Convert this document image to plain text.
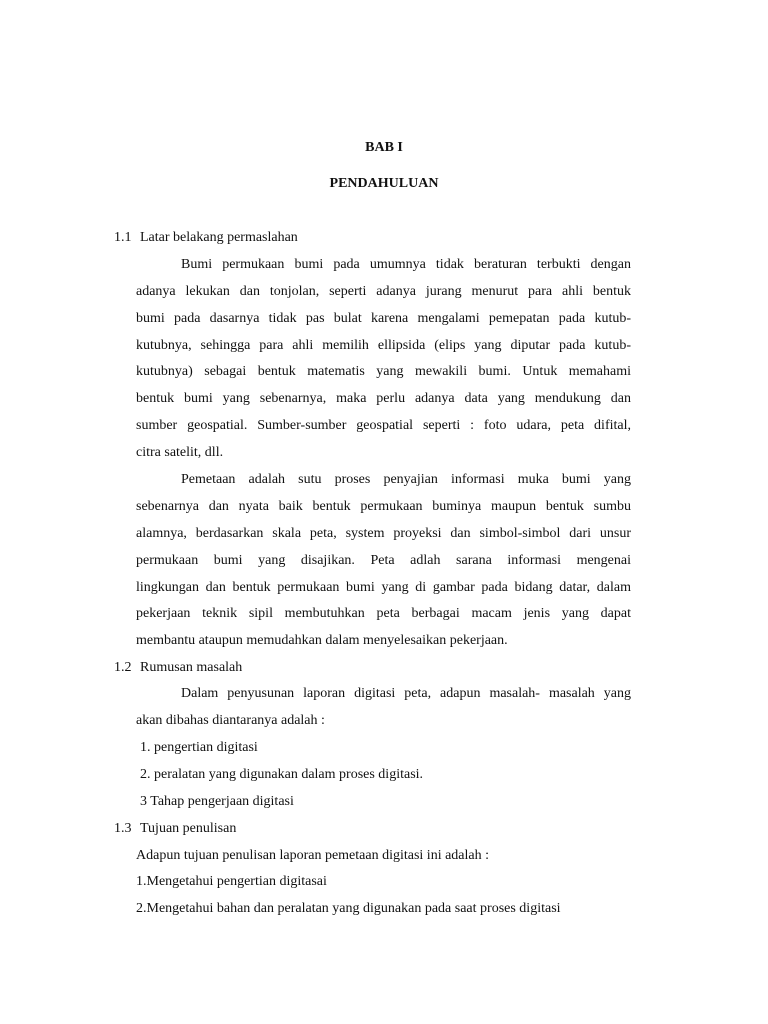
BAB I
PENDAHULUAN
1.1 Latar belakang permaslahan
Bumi permukaan bumi pada umumnya tidak beraturan terbukti dengan
adanya lekukan dan tonjolan, seperti adanya jurang menurut para ahli bentuk
bumi pada dasarnya tidak pas bulat karena mengalami pemepatan pada kutub-
kutubnya, sehingga para ahli memilih ellipsida (elips yang diputar pada kutub-
kutubnya) sebagai bentuk matematis yang mewakili bumi. Untuk memahami
bentuk bumi yang sebenarnya, maka perlu adanya data yang mendukung dan
sumber geospatial. Sumber-sumber geospatial seperti : foto udara, peta difital,
citra satelit, dll.
Pemetaan adalah sutu proses penyajian informasi muka bumi yang
sebenarnya dan nyata baik bentuk permukaan buminya maupun bentuk sumbu
alamnya, berdasarkan skala peta, system proyeksi dan simbol-simbol dari unsur
permukaan bumi yang disajikan. Peta adlah sarana informasi mengenai
lingkungan dan bentuk permukaan bumi yang di gambar pada bidang datar, dalam
pekerjaan teknik sipil membutuhkan peta berbagai macam jenis yang dapat
membantu ataupun memudahkan dalam menyelesaikan pekerjaan.
1.2 Rumusan masalah
Dalam penyusunan laporan digitasi peta, adapun masalah- masalah yang
akan dibahas diantaranya adalah :
1. pengertian digitasi
2. peralatan yang digunakan dalam proses digitasi.
3 Tahap pengerjaan digitasi
1.3 Tujuan penulisan
Adapun tujuan penulisan laporan pemetaan digitasi ini adalah :
1.Mengetahui pengertian digitasai
2.Mengetahui bahan dan peralatan yang digunakan pada saat proses digitasi
